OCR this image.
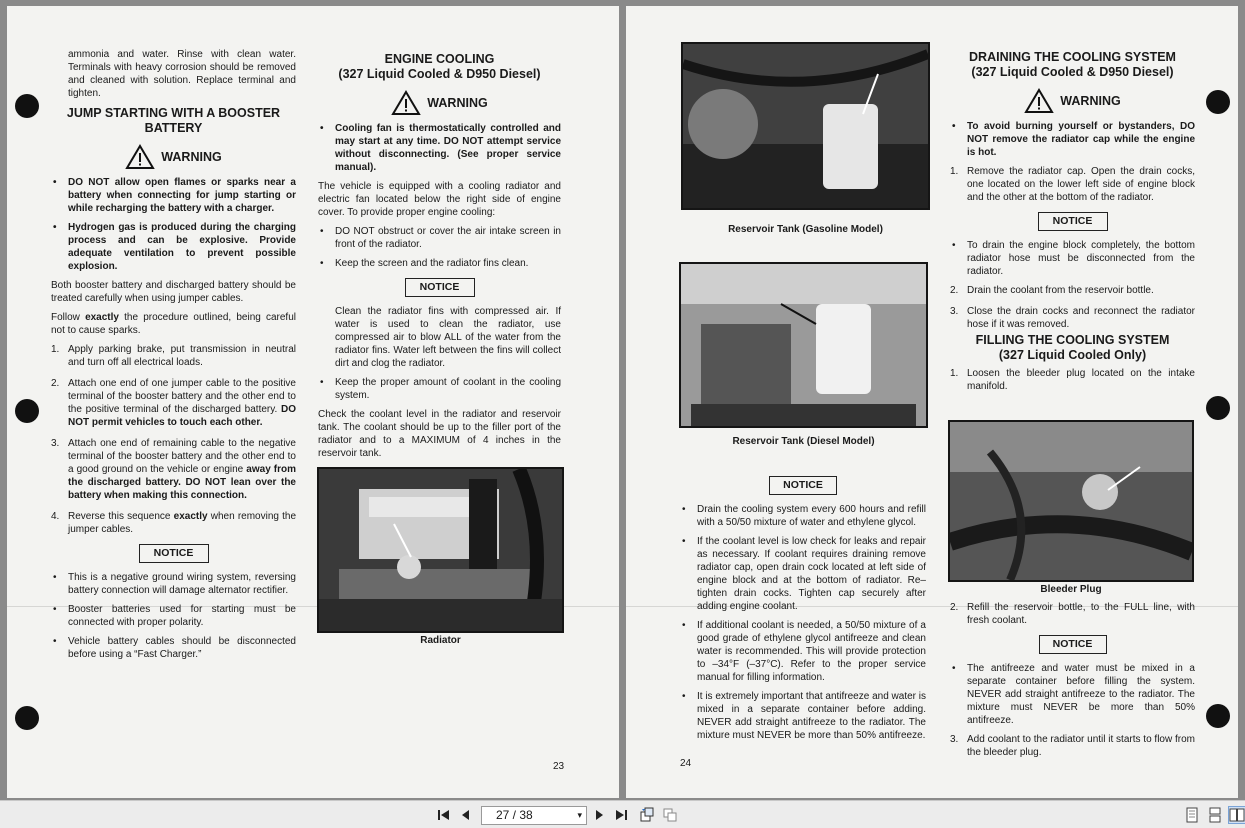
ammonia and water. Rinse with clean water. Terminals with heavy corrosion should be removed and cleaned with solution. Replace terminal and tighten.

JUMP STARTING WITH A BOOSTER BATTERY
WARNING
• DO NOT allow open flames or sparks near a battery when connecting for jump starting or while recharging the battery with a charger.
• Hydrogen gas is produced during the charging process and can be explosive. Provide adequate ventilation to prevent possible explosion.

Both booster battery and discharged battery should be treated carefully when using jumper cables.

Follow exactly the procedure outlined, being careful not to cause sparks.

1. Apply parking brake, put transmission in neutral and turn off all electrical loads.
2. Attach one end of one jumper cable to the positive terminal of the booster battery and the other end to the positive terminal of the discharged battery. DO NOT permit vehicles to touch each other.
3. Attach one end of remaining cable to the negative terminal of the booster battery and the other end to a good ground on the vehicle or engine away from the discharged battery. DO NOT lean over the battery when making this connection.
4. Reverse this sequence exactly when removing the jumper cables.
NOTICE
• This is a negative ground wiring system, reversing battery connection will damage alternator rectifier.
• Booster batteries used for starting must be connected with proper polarity.
• Vehicle battery cables should be disconnected before using a “Fast Charger.”
ENGINE COOLING
(327 Liquid Cooled & D950 Diesel)
WARNING
• Cooling fan is thermostatically controlled and may start at any time. DO NOT attempt service without disconnecting. (See proper service manual).

The vehicle is equipped with a cooling radiator and electric fan located below the right side of engine cover. To provide proper engine cooling:

• DO NOT obstruct or cover the air intake screen in front of the radiator.
• Keep the screen and the radiator fins clean.
NOTICE

Clean the radiator fins with compressed air. If water is used to clean the radiator, use compressed air to blow ALL of the water from the radiator fins. Water left between the fins will collect dirt and clog the radiator.

• Keep the proper amount of coolant in the cooling system.

Check the coolant level in the radiator and reservoir tank. The coolant should be up to the filler port of the radiator and to a MAXIMUM of 4 inches in the reservoir tank.

Radiator
23
Reservoir Tank (Gasoline Model)
Reservoir Tank (Diesel Model)
NOTICE
• Drain the cooling system every 600 hours and refill with a 50/50 mixture of water and ethylene glycol.
• If the coolant level is low check for leaks and repair as necessary. If coolant requires draining remove radiator cap, open drain cock located at left side of engine block and at the bottom of radiator. Re–tighten drain cocks. Tighten cap securely after adding engine coolant.
• If additional coolant is needed, a 50/50 mixture of a good grade of ethylene glycol antifreeze and clean water is recommended. This will provide protection to –34°F (–37°C). Refer to the proper service manual for filling information.
• It is extremely important that antifreeze and water is mixed in a separate container before adding. NEVER add straight antifreeze to the radiator. The mixture must NEVER be more than 50% antifreeze.
DRAINING THE COOLING SYSTEM
(327 Liquid Cooled & D950 Diesel)
WARNING
• To avoid burning yourself or bystanders, DO NOT remove the radiator cap while the engine is hot.
1. Remove the radiator cap. Open the drain cocks, one located on the lower left side of engine block and the other at the bottom of the radiator.
NOTICE
• To drain the engine block completely, the bottom radiator hose must be disconnected from the radiator.
2. Drain the coolant from the reservoir bottle.
3. Close the drain cocks and reconnect the radiator hose if it was removed.
FILLING THE COOLING SYSTEM
(327 Liquid Cooled Only)
1. Loosen the bleeder plug located on the intake manifold.
Bleeder Plug
2. Refill the reservoir bottle, to the FULL line, with fresh coolant.
NOTICE
• The antifreeze and water must be mixed in a separate container before filling the system. NEVER add straight antifreeze to the radiator. The mixture must NEVER be more than 50% antifreeze.
3. Add coolant to the radiator until it starts to flow from the bleeder plug.
24
27 / 38	▾
